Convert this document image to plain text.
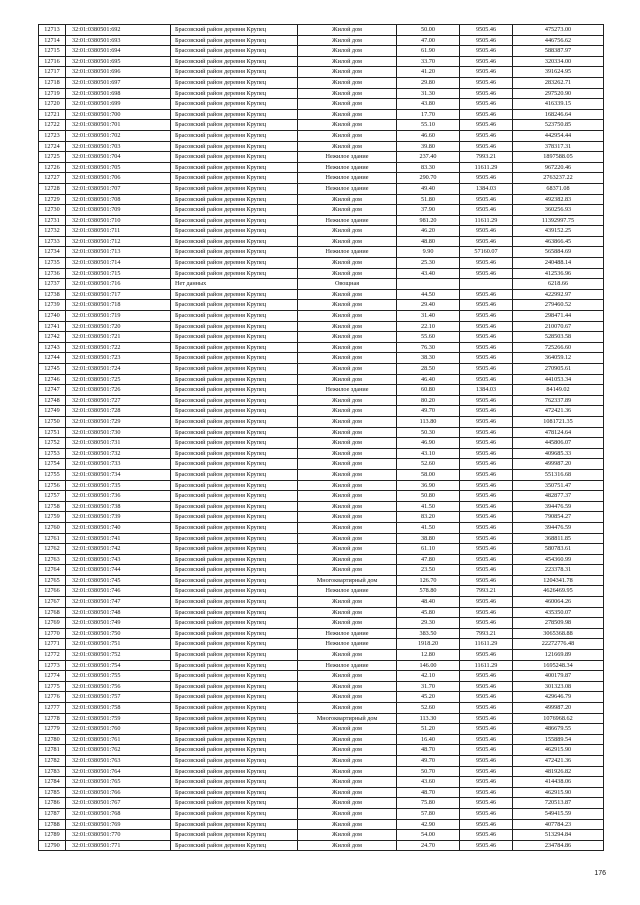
12713	32:01:0380501:692	Брасовский район деревня Крупец	Жилой дом	50.00	9505.46	475273.00
12714	32:01:0380501:693	Брасовский район деревня Крупец	Жилой дом	47.00	9505.46	446756.62
12715	32:01:0380501:694	Брасовский район деревня Крупец	Жилой дом	61.90	9505.46	588387.97
12716	32:01:0380501:695	Брасовский район деревня Крупец	Жилой дом	33.70	9505.46	320334.00
12717	32:01:0380501:696	Брасовский район деревня Крупец	Жилой дом	41.20	9505.46	391624.95
12718	32:01:0380501:697	Брасовский район деревня Крупец	Жилой дом	29.80	9505.46	283262.71
12719	32:01:0380501:698	Брасовский район деревня Крупец	Жилой дом	31.30	9505.46	297520.90
12720	32:01:0380501:699	Брасовский район деревня Крупец	Жилой дом	43.80	9505.46	416339.15
12721	32:01:0380501:700	Брасовский район деревня Крупец	Жилой дом	17.70	9505.46	168246.64
12722	32:01:0380501:701	Брасовский район деревня Крупец	Жилой дом	55.10	9505.46	523750.85
12723	32:01:0380501:702	Брасовский район деревня Крупец	Жилой дом	46.60	9505.46	442954.44
12724	32:01:0380501:703	Брасовский район деревня Крупец	Жилой дом	39.80	9505.46	378317.31
12725	32:01:0380501:704	Брасовский район деревня Крупец	Нежилое здание	237.40	7993.21	1897588.05
12726	32:01:0380501:705	Брасовский район деревня Крупец	Нежилое здание	83.30	11611.29	967220.46
12727	32:01:0380501:706	Брасовский район деревня Крупец	Нежилое здание	290.70	9505.46	2763237.22
12728	32:01:0380501:707	Брасовский район деревня Крупец	Нежилое здание	49.40	1384.03	68371.08
12729	32:01:0380501:708	Брасовский район деревня Крупец	Жилой дом	51.80	9505.46	492382.83
12730	32:01:0380501:709	Брасовский район деревня Крупец	Жилой дом	37.90	9505.46	360256.93
12731	32:01:0380501:710	Брасовский район деревня Крупец	Нежилое здание	981.20	11611.29	11392997.75
12732	32:01:0380501:711	Брасовский район деревня Крупец	Жилой дом	46.20	9505.46	439152.25
12733	32:01:0380501:712	Брасовский район деревня Крупец	Жилой дом	48.80	9505.46	463866.45
12734	32:01:0380501:713	Брасовский район деревня Крупец	Нежилое здание	9.90	57160.07	565884.69
12735	32:01:0380501:714	Брасовский район деревня Крупец	Жилой дом	25.30	9505.46	240488.14
12736	32:01:0380501:715	Брасовский район деревня Крупец	Жилой дом	43.40	9505.46	412536.96
12737	32:01:0380501:716	Нет данных	Овощная			6218.66
12738	32:01:0380501:717	Брасовский район деревня Крупец	Жилой дом	44.50	9505.46	422992.97
12739	32:01:0380501:718	Брасовский район деревня Крупец	Жилой дом	29.40	9505.46	279460.52
12740	32:01:0380501:719	Брасовский район деревня Крупец	Жилой дом	31.40	9505.46	298471.44
12741	32:01:0380501:720	Брасовский район деревня Крупец	Жилой дом	22.10	9505.46	210070.67
12742	32:01:0380501:721	Брасовский район деревня Крупец	Жилой дом	55.60	9505.46	528503.58
12743	32:01:0380501:722	Брасовский район деревня Крупец	Жилой дом	76.30	9505.46	725266.60
12744	32:01:0380501:723	Брасовский район деревня Крупец	Жилой дом	38.30	9505.46	364059.12
12745	32:01:0380501:724	Брасовский район деревня Крупец	Жилой дом	28.50	9505.46	270905.61
12746	32:01:0380501:725	Брасовский район деревня Крупец	Жилой дом	46.40	9505.46	441053.34
12747	32:01:0380501:726	Брасовский район деревня Крупец	Нежилое здание	60.80	1384.03	84149.02
12748	32:01:0380501:727	Брасовский район деревня Крупец	Жилой дом	80.20	9505.46	762337.89
12749	32:01:0380501:728	Брасовский район деревня Крупец	Жилой дом	49.70	9505.46	472421.36
12750	32:01:0380501:729	Брасовский район деревня Крупец	Жилой дом	113.80	9505.46	1081721.35
12751	32:01:0380501:730	Брасовский район деревня Крупец	Жилой дом	50.30	9505.46	478124.64
12752	32:01:0380501:731	Брасовский район деревня Крупец	Жилой дом	46.90	9505.46	445806.07
12753	32:01:0380501:732	Брасовский район деревня Крупец	Жилой дом	43.10	9505.46	409685.33
12754	32:01:0380501:733	Брасовский район деревня Крупец	Жилой дом	52.60	9505.46	499987.20
12755	32:01:0380501:734	Брасовский район деревня Крупец	Жилой дом	58.00	9505.46	551316.68
12756	32:01:0380501:735	Брасовский район деревня Крупец	Жилой дом	36.90	9505.46	350751.47
12757	32:01:0380501:736	Брасовский район деревня Крупец	Жилой дом	50.80	9505.46	482877.37
12758	32:01:0380501:738	Брасовский район деревня Крупец	Жилой дом	41.50	9505.46	394476.59
12759	32:01:0380501:739	Брасовский район деревня Крупец	Жилой дом	83.20	9505.46	790854.27
12760	32:01:0380501:740	Брасовский район деревня Крупец	Жилой дом	41.50	9505.46	394476.59
12761	32:01:0380501:741	Брасовский район деревня Крупец	Жилой дом	38.80	9505.46	368811.85
12762	32:01:0380501:742	Брасовский район деревня Крупец	Жилой дом	61.10	9505.46	580783.61
12763	32:01:0380501:743	Брасовский район деревня Крупец	Жилой дом	47.80	9505.46	454360.99
12764	32:01:0380501:744	Брасовский район деревня Крупец	Жилой дом	23.50	9505.46	223378.31
12765	32:01:0380501:745	Брасовский район деревня Крупец	Многоквартирный дом	126.70	9505.46	1204341.78
12766	32:01:0380501:746	Брасовский район деревня Крупец	Нежилое здание	578.80	7993.21	4626469.95
12767	32:01:0380501:747	Брасовский район деревня Крупец	Жилой дом	48.40	9505.46	460064.26
12768	32:01:0380501:748	Брасовский район деревня Крупец	Жилой дом	45.80	9505.46	435350.07
12769	32:01:0380501:749	Брасовский район деревня Крупец	Жилой дом	29.30	9505.46	278509.98
12770	32:01:0380501:750	Брасовский район деревня Крупец	Нежилое здание	383.50	7993.21	3065368.88
12771	32:01:0380501:751	Брасовский район деревня Крупец	Нежилое здание	1918.20	11611.29	22272776.48
12772	32:01:0380501:752	Брасовский район деревня Крупец	Жилой дом	12.80	9505.46	121669.89
12773	32:01:0380501:754	Брасовский район деревня Крупец	Нежилое здание	146.00	11611.29	1695248.34
12774	32:01:0380501:755	Брасовский район деревня Крупец	Жилой дом	42.10	9505.46	400179.87
12775	32:01:0380501:756	Брасовский район деревня Крупец	Жилой дом	31.70	9505.46	301323.08
12776	32:01:0380501:757	Брасовский район деревня Крупец	Жилой дом	45.20	9505.46	429646.79
12777	32:01:0380501:758	Брасовский район деревня Крупец	Жилой дом	52.60	9505.46	499987.20
12778	32:01:0380501:759	Брасовский район деревня Крупец	Многоквартирный дом	113.30	9505.46	1076968.62
12779	32:01:0380501:760	Брасовский район деревня Крупец	Жилой дом	51.20	9505.46	486679.55
12780	32:01:0380501:761	Брасовский район деревня Крупец	Жилой дом	16.40	9505.46	155889.54
12781	32:01:0380501:762	Брасовский район деревня Крупец	Жилой дом	48.70	9505.46	462915.90
12782	32:01:0380501:763	Брасовский район деревня Крупец	Жилой дом	49.70	9505.46	472421.36
12783	32:01:0380501:764	Брасовский район деревня Крупец	Жилой дом	50.70	9505.46	481926.82
12784	32:01:0380501:765	Брасовский район деревня Крупец	Жилой дом	43.60	9505.46	414438.06
12785	32:01:0380501:766	Брасовский район деревня Крупец	Жилой дом	48.70	9505.46	462915.90
12786	32:01:0380501:767	Брасовский район деревня Крупец	Жилой дом	75.80	9505.46	720513.87
12787	32:01:0380501:768	Брасовский район деревня Крупец	Жилой дом	57.80	9505.46	549415.59
12788	32:01:0380501:769	Брасовский район деревня Крупец	Жилой дом	42.90	9505.46	407784.23
12789	32:01:0380501:770	Брасовский район деревня Крупец	Жилой дом	54.00	9505.46	513294.84
12790	32:01:0380501:771	Брасовский район деревня Крупец	Жилой дом	24.70	9505.46	234784.86
176
